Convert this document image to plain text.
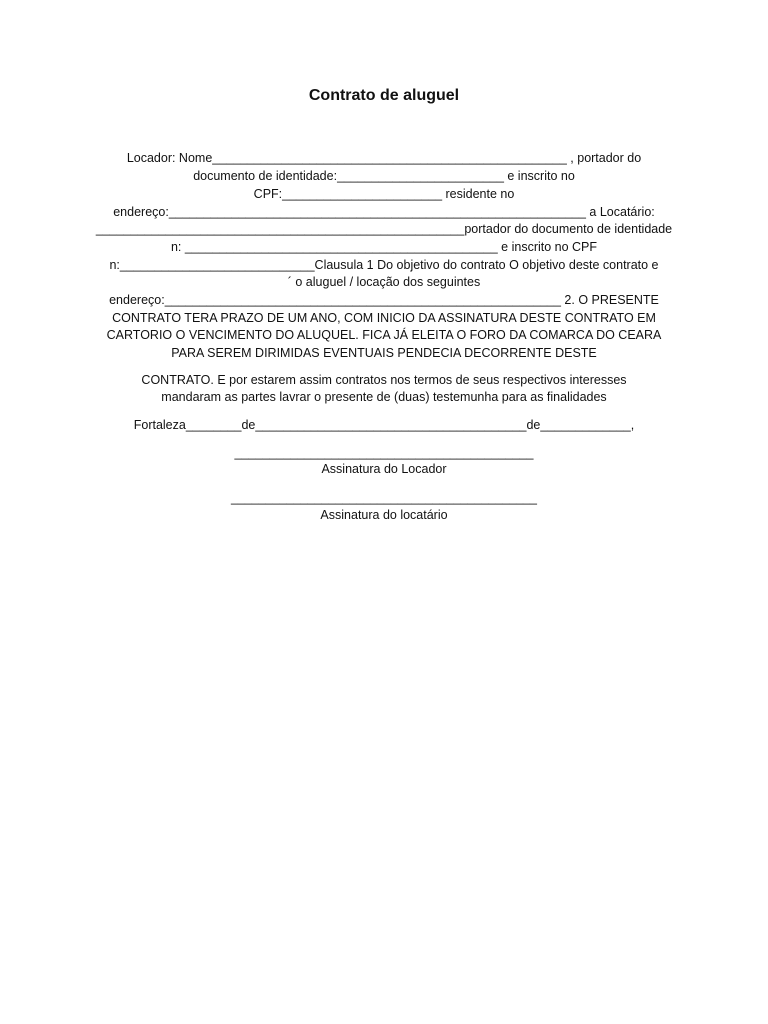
Contrato de aluguel
Locador: Nome___________________________________________________ , portador do
documento de identidade:________________________ e inscrito no
CPF:_______________________ residente no
endereço:____________________________________________________________ a Locatário:
_____________________________________________________portador do documento de identidade
n: _____________________________________________ e inscrito no CPF
n:____________________________Clausula 1 Do objetivo do contrato O objetivo deste contrato e
´ o aluguel / locação dos seguintes
endereço:_________________________________________________________ 2. O PRESENTE
CONTRATO TERA PRAZO DE UM ANO, COM INICIO DA ASSINATURA DESTE CONTRATO EM
CARTORIO O VENCIMENTO DO ALUQUEL. FICA JÁ ELEITA O FORO DA COMARCA DO CEARA
PARA SEREM DIRIMIDAS EVENTUAIS PENDECIA DECORRENTE DESTE
CONTRATO. E por estarem assim contratos nos termos de seus respectivos interesses
mandaram as partes lavrar o presente de (duas) testemunha para as finalidades
Fortaleza________de_______________________________________de_____________,
___________________________________________
Assinatura do Locador
____________________________________________
Assinatura do locatário
